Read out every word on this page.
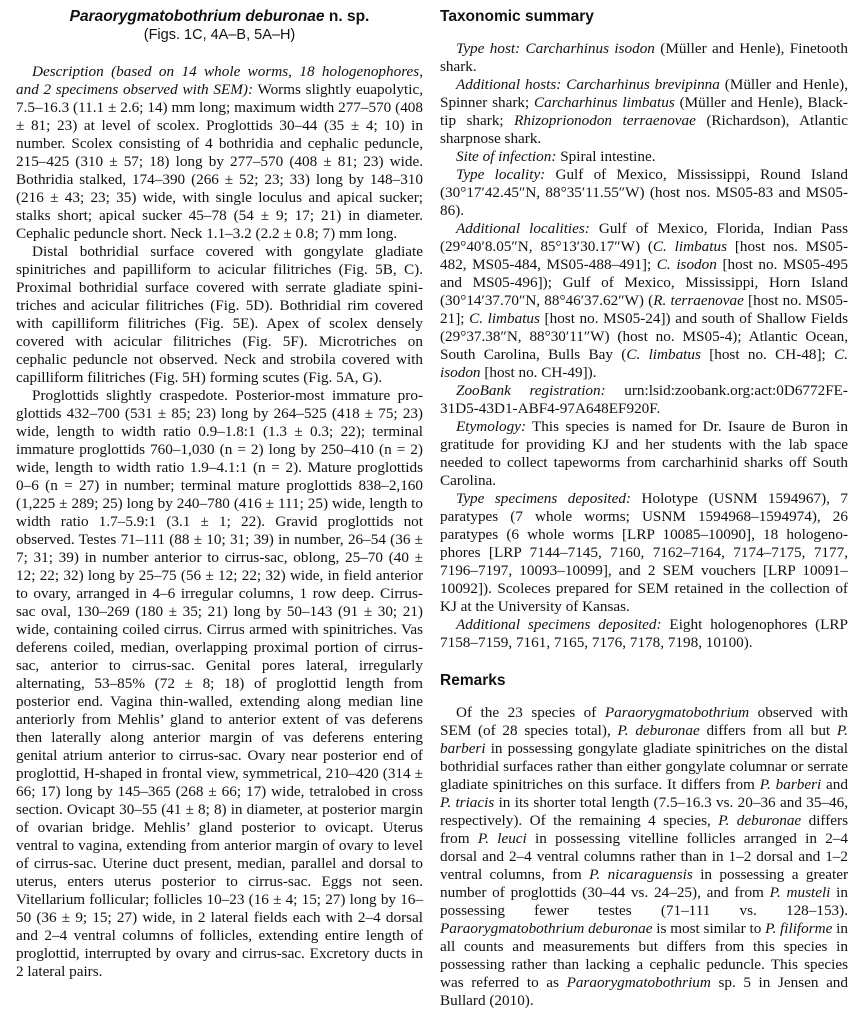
Paraorygmatobothrium deburonae n. sp.
(Figs. 1C, 4A–B, 5A–H)

Description (based on 14 whole worms, 18 hologenophores, and 2 specimens observed with SEM): Worms slightly euapolytic, 7.5–16.3 (11.1 ± 2.6; 14) mm long; maximum width 277–570 (408 ± 81; 23) at level of scolex. Proglottids 30–44 (35 ± 4; 10) in number. Scolex consisting of 4 bothridia and cephalic peduncle, 215–425 (310 ± 57; 18) long by 277–570 (408 ± 81; 23) wide. Bothridia stalked, 174–390 (266 ± 52; 23; 33) long by 148–310 (216 ± 43; 23; 35) wide, with single loculus and apical sucker; stalks short; apical sucker 45–78 (54 ± 9; 17; 21) in diameter. Cephalic peduncle short. Neck 1.1–3.2 (2.2 ± 0.8; 7) mm long.

Distal bothridial surface covered with gongylate gladiate spinitriches and papilliform to acicular filitriches (Fig. 5B, C). Proximal bothridial surface covered with serrate gladiate spinitriches and acicular filitriches (Fig. 5D). Bothridial rim covered with capilliform filitriches (Fig. 5E). Apex of scolex densely covered with acicular filitriches (Fig. 5F). Microtriches on cephalic peduncle not observed. Neck and strobila covered with capilliform filitriches (Fig. 5H) forming scutes (Fig. 5A, G).

Proglottids slightly craspedote. Posterior-most immature proglottids 432–700 (531 ± 85; 23) long by 264–525 (418 ± 75; 23) wide, length to width ratio 0.9–1.8:1 (1.3 ± 0.3; 22); terminal immature proglottids 760–1,030 (n = 2) long by 250–410 (n = 2) wide, length to width ratio 1.9–4.1:1 (n = 2). Mature proglottids 0–6 (n = 27) in number; terminal mature proglottids 838–2,160 (1,225 ± 289; 25) long by 240–780 (416 ± 111; 25) wide, length to width ratio 1.7–5.9:1 (3.1 ± 1; 22). Gravid proglottids not observed. Testes 71–111 (88 ± 10; 31; 39) in number, 26–54 (36 ± 7; 31; 39) in number anterior to cirrus-sac, oblong, 25–70 (40 ± 12; 22; 32) long by 25–75 (56 ± 12; 22; 32) wide, in field anterior to ovary, arranged in 4–6 irregular columns, 1 row deep. Cirrus-sac oval, 130–269 (180 ± 35; 21) long by 50–143 (91 ± 30; 21) wide, containing coiled cirrus. Cirrus armed with spinitriches. Vas deferens coiled, median, overlapping proximal portion of cirrus-sac, anterior to cirrus-sac. Genital pores lateral, irregularly alternating, 53–85% (72 ± 8; 18) of proglottid length from posterior end. Vagina thin-walled, extending along median line anteriorly from Mehlis’ gland to anterior extent of vas deferens then laterally along anterior margin of vas deferens entering genital atrium anterior to cirrus-sac. Ovary near posterior end of proglottid, H-shaped in frontal view, symmetrical, 210–420 (314 ± 66; 17) long by 145–365 (268 ± 66; 17) wide, tetralobed in cross section. Ovicapt 30–55 (41 ± 8; 8) in diameter, at posterior margin of ovarian bridge. Mehlis’ gland posterior to ovicapt. Uterus ventral to vagina, extending from anterior margin of ovary to level of cirrus-sac. Uterine duct present, median, parallel and dorsal to uterus, enters uterus posterior to cirrus-sac. Eggs not seen. Vitellarium follicular; follicles 10–23 (16 ± 4; 15; 27) long by 16–50 (36 ± 9; 15; 27) wide, in 2 lateral fields each with 2–4 dorsal and 2–4 ventral columns of follicles, extending entire length of proglottid, interrupted by ovary and cirrus-sac. Excretory ducts in 2 lateral pairs.

Taxonomic summary

Type host: Carcharhinus isodon (Müller and Henle), Finetooth shark.

Additional hosts: Carcharhinus brevipinna (Müller and Henle), Spinner shark; Carcharhinus limbatus (Müller and Henle), Blacktip shark; Rhizoprionodon terraenovae (Richardson), Atlantic sharpnose shark.

Site of infection: Spiral intestine.

Type locality: Gulf of Mexico, Mississippi, Round Island (30°17′42.45″N, 88°35′11.55″W) (host nos. MS05-83 and MS05-86).

Additional localities: Gulf of Mexico, Florida, Indian Pass (29°40′8.05″N, 85°13′30.17″W) (C. limbatus [host nos. MS05-482, MS05-484, MS05-488–491]; C. isodon [host no. MS05-495 and MS05-496]); Gulf of Mexico, Mississippi, Horn Island (30°14′37.70″N, 88°46′37.62″W) (R. terraenovae [host no. MS05-21]; C. limbatus [host no. MS05-24]) and south of Shallow Fields (29°37.38″N, 88°30′11″W) (host no. MS05-4); Atlantic Ocean, South Carolina, Bulls Bay (C. limbatus [host no. CH-48]; C. isodon [host no. CH-49]).

ZooBank registration: urn:lsid:zoobank.org:act:0D6772FE-31D5-43D1-ABF4-97A648EF920F.

Etymology: This species is named for Dr. Isaure de Buron in gratitude for providing KJ and her students with the lab space needed to collect tapeworms from carcharhinid sharks off South Carolina.

Type specimens deposited: Holotype (USNM 1594967), 7 paratypes (7 whole worms; USNM 1594968–1594974), 26 paratypes (6 whole worms [LRP 10085–10090], 18 hologenophores [LRP 7144–7145, 7160, 7162–7164, 7174–7175, 7177, 7196–7197, 10093–10099], and 2 SEM vouchers [LRP 10091–10092]). Scoleces prepared for SEM retained in the collection of KJ at the University of Kansas.

Additional specimens deposited: Eight hologenophores (LRP 7158–7159, 7161, 7165, 7176, 7178, 7198, 10100).

Remarks

Of the 23 species of Paraorygmatobothrium observed with SEM (of 28 species total), P. deburonae differs from all but P. barberi in possessing gongylate gladiate spinitriches on the distal bothridial surfaces rather than either gongylate columnar or serrate gladiate spinitriches on this surface. It differs from P. barberi and P. triacis in its shorter total length (7.5–16.3 vs. 20–36 and 35–46, respectively). Of the remaining 4 species, P. deburonae differs from P. leuci in possessing vitelline follicles arranged in 2–4 dorsal and 2–4 ventral columns rather than in 1–2 dorsal and 1–2 ventral columns, from P. nicaraguensis in possessing a greater number of proglottids (30–44 vs. 24–25), and from P. musteli in possessing fewer testes (71–111 vs. 128–153). Paraorygmatobothrium deburonae is most similar to P. filiforme in all counts and measurements but differs from this species in possessing rather than lacking a cephalic peduncle. This species was referred to as Paraorygmatobothrium sp. 5 in Jensen and Bullard (2010).
